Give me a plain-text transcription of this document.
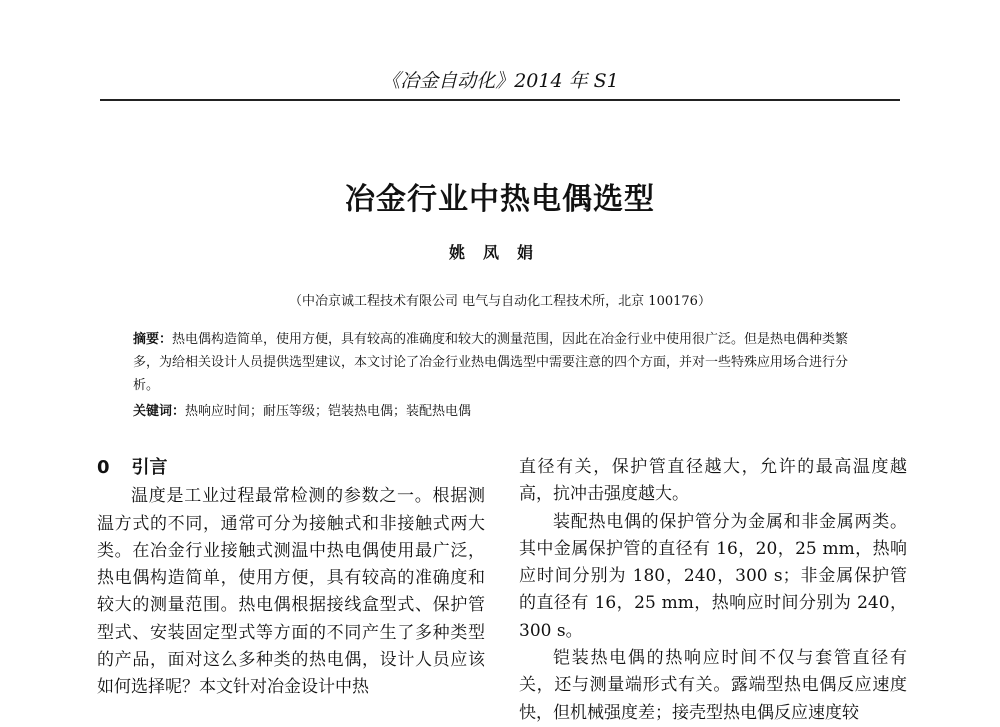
《冶金自动化》2014 年 S1
冶金行业中热电偶选型
姚凤娟
（中冶京诚工程技术有限公司 电气与自动化工程技术所，北京 100176）
摘要：热电偶构造简单，使用方便，具有较高的准确度和较大的测量范围，因此在冶金行业中使用很广泛。但是热电偶种类繁多，为给相关设计人员提供选型建议，本文讨论了冶金行业热电偶选型中需要注意的四个方面，并对一些特殊应用场合进行分析。
关键词：热响应时间；耐压等级；铠装热电偶；装配热电偶
0 引言

温度是工业过程最常检测的参数之一。根据测温方式的不同，通常可分为接触式和非接触式两大类。在冶金行业接触式测温中热电偶使用最广泛，热电偶构造简单，使用方便，具有较高的准确度和较大的测量范围。热电偶根据接线盒型式、保护管型式、安装固定型式等方面的不同产生了多种类型的产品，面对这么多种类的热电偶，设计人员应该如何选择呢？本文针对冶金设计中热

直径有关，保护管直径越大，允许的最高温度越高，抗冲击强度越大。

装配热电偶的保护管分为金属和非金属两类。其中金属保护管的直径有 16，20，25 mm，热响应时间分别为 180，240，300 s；非金属保护管的直径有 16，25 mm，热响应时间分别为 240，300 s。

铠装热电偶的热响应时间不仅与套管直径有关，还与测量端形式有关。露端型热电偶反应速度快，但机械强度差；接壳型热电偶反应速度较
